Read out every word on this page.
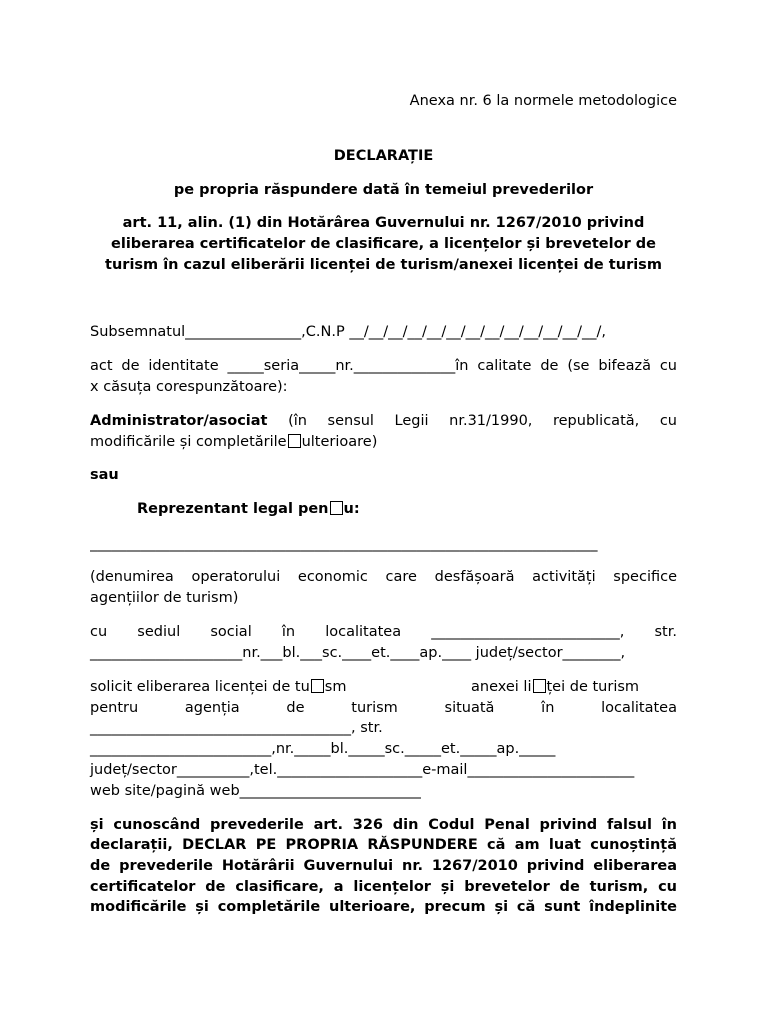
Anexa nr. 6 la normele metodologice
DECLARAȚIE
pe propria răspundere dată în temeiul prevederilor
art. 11, alin. (1) din Hotărârea Guvernului nr. 1267/2010 privind
eliberarea certificatelor de clasificare, a licențelor și brevetelor de
turism în cazul eliberării licenței de turism/anexei licenței de turism
Subsemnatul________________,C.N.P __/__/__/__/__/__/__/__/__/__/__/__/__/,
act de identitate _____seria_____nr.______________în calitate de (se bifează cu
x căsuța corespunzătoare):
Administrator/asociat (în sensul Legii nr.31/1990, republicată, cu
modificările și completările ulterioare)
sau
Reprezentant legal pen u:
______________________________________________________________________
(denumirea operatorului economic care desfășoară activități specifice
agențiilor de turism)
cu sediul social în localitatea __________________________, str.
_____________________nr.___bl.___sc.____et.____ap.____ județ/sector________,
solicit eliberarea licenței de tu sm	anexei li ței de turism
pentru agenția de turism situată în localitatea
____________________________________, str.
_________________________,nr._____bl._____sc._____et._____ap._____
județ/sector__________,tel.____________________e-mail_______________________
web site/pagină web_________________________
și cunoscând prevederile art. 326 din Codul Penal privind falsul în
declarații, DECLAR PE PROPRIA RĂSPUNDERE că am luat cunoștință
de prevederile Hotărârii Guvernului nr. 1267/2010 privind eliberarea
certificatelor de clasificare, a licențelor și brevetelor de turism, cu
modificările și completările ulterioare, precum și că sunt îndeplinite
